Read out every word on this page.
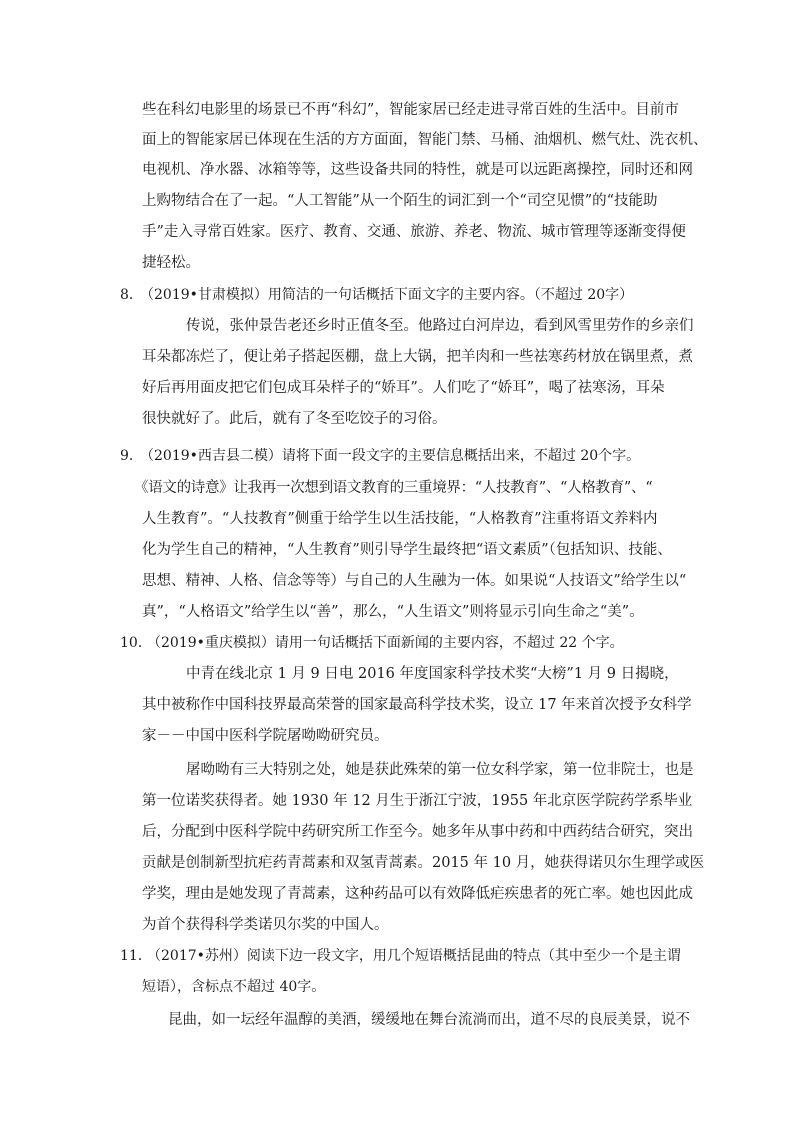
些在科幻电影里的场景已不再“科幻”，智能家居已经走进寻常百姓的生活中。目前市
面上的智能家居已体现在生活的方方面面，智能门禁、马桶、油烟机、燃气灶、洗衣机、
电视机、净水器、冰箱等等，这些设备共同的特性，就是可以远距离操控，同时还和网
上购物结合在了一起。“人工智能”从一个陌生的词汇到一个“司空见惯”的“技能助
手”走入寻常百姓家。医疗、教育、交通、旅游、养老、物流、城市管理等逐渐变得便
捷轻松。
8．
（2019•甘肃模拟）用简洁的一句话概括下面文字的主要内容。（不超过 20字）
传说，张仲景告老还乡时正值冬至。他路过白河岸边，看到风雪里劳作的乡亲们
耳朵都冻烂了，便让弟子搭起医棚，盘上大锅，把羊肉和一些祛寒药材放在锅里煮，煮
好后再用面皮把它们包成耳朵样子的“娇耳”。人们吃了“娇耳”，喝了祛寒汤，耳朵
很快就好了。此后，就有了冬至吃饺子的习俗。
9．
（2019•西吉县二模）请将下面一段文字的主要信息概括出来，不超过 20个字。
《语文的诗意》让我再一次想到语文教育的三重境界：“人技教育”、“人格教育”、“
人生教育”。“人技教育”侧重于给学生以生活技能，“人格教育”注重将语文养料内
化为学生自己的精神，“人生教育”则引导学生最终把“语文素质”（包括知识、技能、
思想、精神、人格、信念等等）与自己的人生融为一体。如果说“人技语文”给学生以“
真”，“人格语文”给学生以“善”，那么，“人生语文”则将显示引向生命之“美”。
10．
（2019•重庆模拟）请用一句话概括下面新闻的主要内容，不超过 22 个字。
中青在线北京 1 月 9 日电 2016 年度国家科学技术奖“大榜”1 月 9 日揭晓，
其中被称作中国科技界最高荣誉的国家最高科学技术奖，设立 17 年来首次授予女科学
家－－中国中医科学院屠呦呦研究员。
屠呦呦有三大特别之处，她是获此殊荣的第一位女科学家，第一位非院士，也是
第一位诺奖获得者。她 1930 年 12 月生于浙江宁波，1955 年北京医学院药学系毕业
后，分配到中医科学院中药研究所工作至今。她多年从事中药和中西药结合研究，突出
贡献是创制新型抗疟药青蒿素和双氢青蒿素。2015 年 10 月，她获得诺贝尔生理学或医
学奖，理由是她发现了青蒿素，这种药品可以有效降低疟疾患者的死亡率。她也因此成
为首个获得科学类诺贝尔奖的中国人。
11．
（2017•苏州）阅读下边一段文字，用几个短语概括昆曲的特点（其中至少一个是主谓
短语），含标点不超过 40字。
昆曲，如一坛经年温醇的美酒，缓缓地在舞台流淌而出，道不尽的良辰美景，说不
